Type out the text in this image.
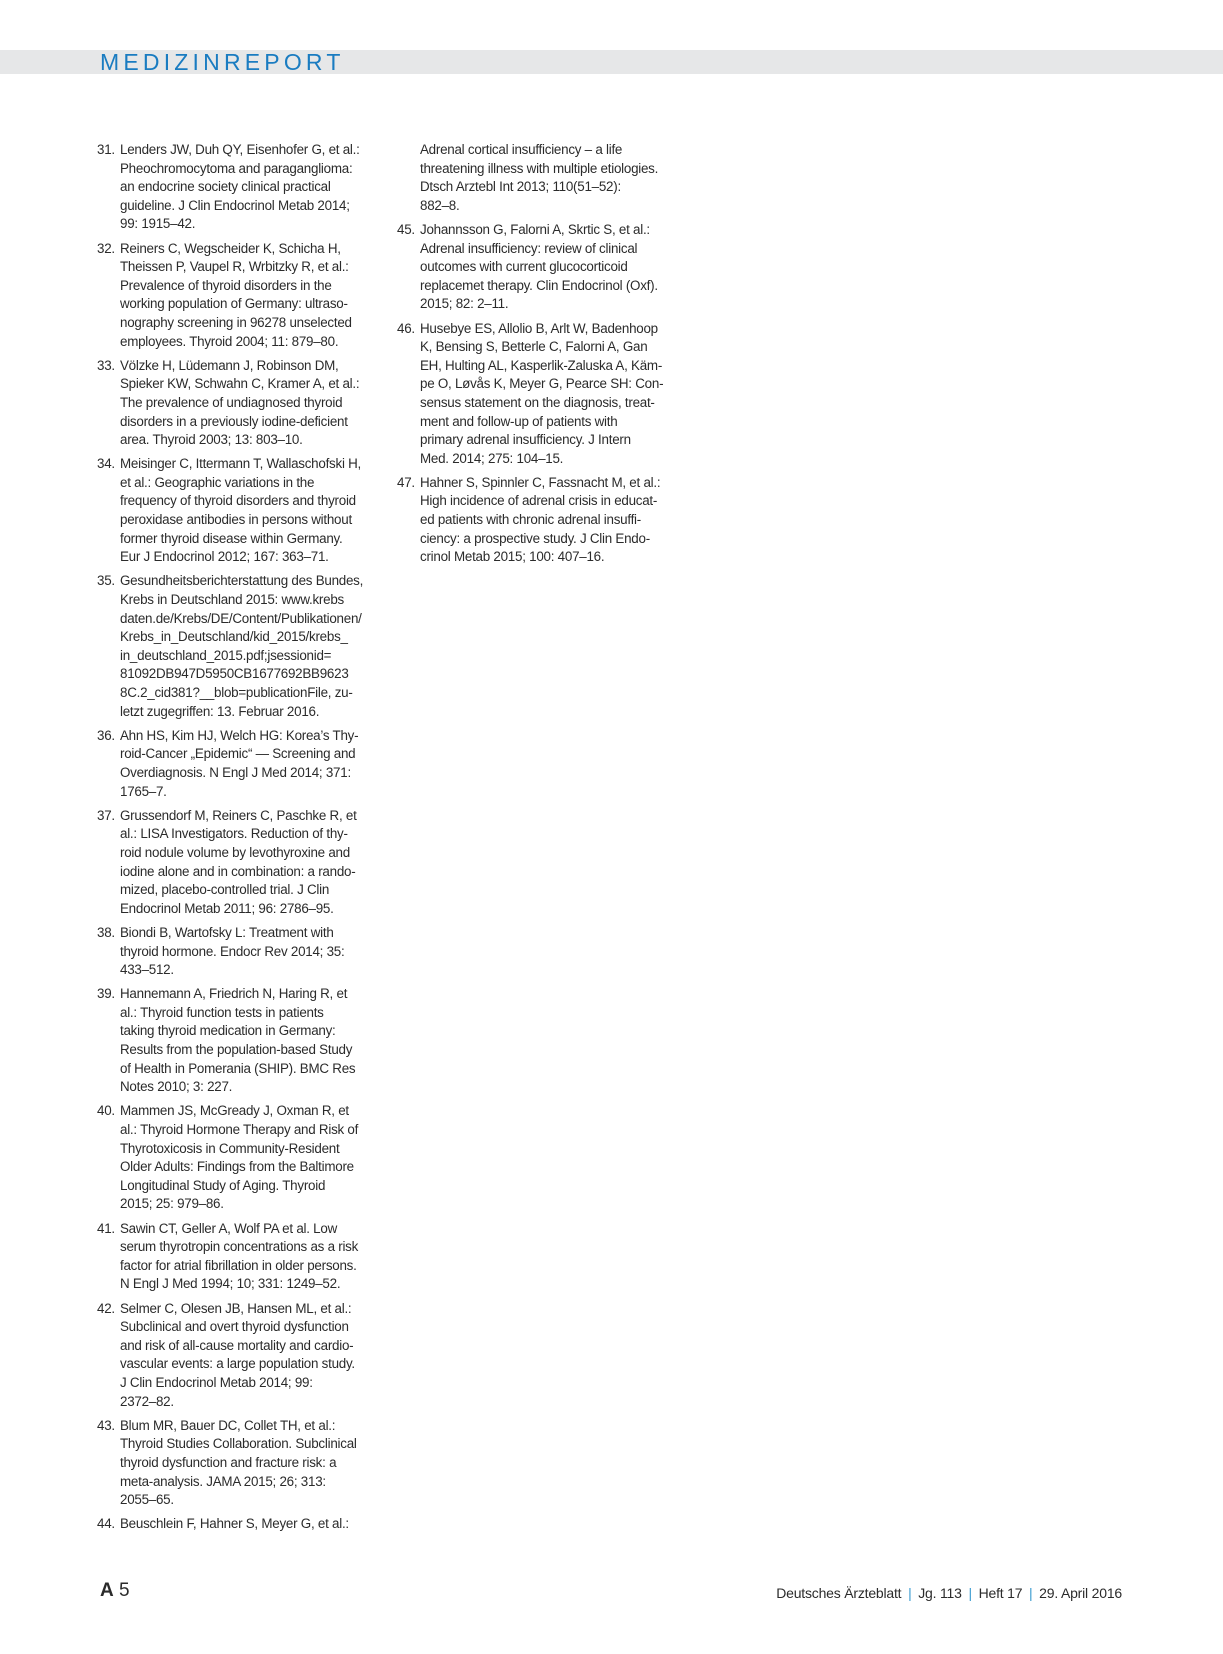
MEDIZINREPORT
31. Lenders JW, Duh QY, Eisenhofer G, et al.:
Pheochromocytoma and paraganglioma:
an endocrine society clinical practical
guideline. J Clin Endocrinol Metab 2014;
99: 1915–42.
32. Reiners C, Wegscheider K, Schicha H,
Theissen P, Vaupel R, Wrbitzky R, et al.:
Prevalence of thyroid disorders in the
working population of Germany: ultraso-
nography screening in 96278 unselected
employees. Thyroid 2004; 11: 879–80.
33. Völzke H, Lüdemann J, Robinson DM,
Spieker KW, Schwahn C, Kramer A, et al.:
The prevalence of undiagnosed thyroid
disorders in a previously iodine-deficient
area. Thyroid 2003; 13: 803–10.
34. Meisinger C, Ittermann T, Wallaschofski H,
et al.: Geographic variations in the
frequency of thyroid disorders and thyroid
peroxidase antibodies in persons without
former thyroid disease within Germany.
Eur J Endocrinol 2012; 167: 363–71.
35. Gesundheitsberichterstattung des Bundes,
Krebs in Deutschland 2015: www.krebs
daten.de/Krebs/DE/Content/Publikationen/
Krebs_in_Deutschland/kid_2015/krebs_
in_deutschland_2015.pdf;jsessionid=
81092DB947D5950CB1677692BB9623
8C.2_cid381?__blob=publicationFile, zu-
letzt zugegriffen: 13. Februar 2016.
36. Ahn HS, Kim HJ, Welch HG: Korea’s Thy-
roid-Cancer „Epidemic“ — Screening and
Overdiagnosis. N Engl J Med 2014; 371:
1765–7.
37. Grussendorf M, Reiners C, Paschke R, et
al.: LISA Investigators. Reduction of thy-
roid nodule volume by levothyroxine and
iodine alone and in combination: a rando-
mized, placebo-controlled trial. J Clin
Endocrinol Metab 2011; 96: 2786–95.
38. Biondi B, Wartofsky L: Treatment with
thyroid hormone. Endocr Rev 2014; 35:
433–512.
39. Hannemann A, Friedrich N, Haring R, et
al.: Thyroid function tests in patients
taking thyroid medication in Germany:
Results from the population-based Study
of Health in Pomerania (SHIP). BMC Res
Notes 2010; 3: 227.
40. Mammen JS, McGready J, Oxman R, et
al.: Thyroid Hormone Therapy and Risk of
Thyrotoxicosis in Community-Resident
Older Adults: Findings from the Baltimore
Longitudinal Study of Aging. Thyroid
2015; 25: 979–86.
41. Sawin CT, Geller A, Wolf PA et al. Low
serum thyrotropin concentrations as a risk
factor for atrial fibrillation in older persons.
N Engl J Med 1994; 10; 331: 1249–52.
42. Selmer C, Olesen JB, Hansen ML, et al.:
Subclinical and overt thyroid dysfunction
and risk of all-cause mortality and cardio-
vascular events: a large population study.
J Clin Endocrinol Metab 2014; 99:
2372–82.
43. Blum MR, Bauer DC, Collet TH, et al.:
Thyroid Studies Collaboration. Subclinical
thyroid dysfunction and fracture risk: a
meta-analysis. JAMA 2015; 26; 313:
2055–65.
44. Beuschlein F, Hahner S, Meyer G, et al.:
Adrenal cortical insufficiency – a life
threatening illness with multiple etiologies.
Dtsch Arztebl Int 2013; 110(51–52):
882–8.
45. Johannsson G, Falorni A, Skrtic S, et al.:
Adrenal insufficiency: review of clinical
outcomes with current glucocorticoid
replacemet therapy. Clin Endocrinol (Oxf).
2015; 82: 2–11.
46. Husebye ES, Allolio B, Arlt W, Badenhoop
K, Bensing S, Betterle C, Falorni A, Gan
EH, Hulting AL, Kasperlik-Zaluska A, Käm-
pe O, Løvås K, Meyer G, Pearce SH: Con-
sensus statement on the diagnosis, treat-
ment and follow-up of patients with
primary adrenal insufficiency. J Intern
Med. 2014; 275: 104–15.
47. Hahner S, Spinnler C, Fassnacht M, et al.:
High incidence of adrenal crisis in educat-
ed patients with chronic adrenal insuffi-
ciency: a prospective study. J Clin Endo-
crinol Metab 2015; 100: 407–16.
A 5	Deutsches Ärzteblatt | Jg. 113 | Heft 17 | 29. April 2016
